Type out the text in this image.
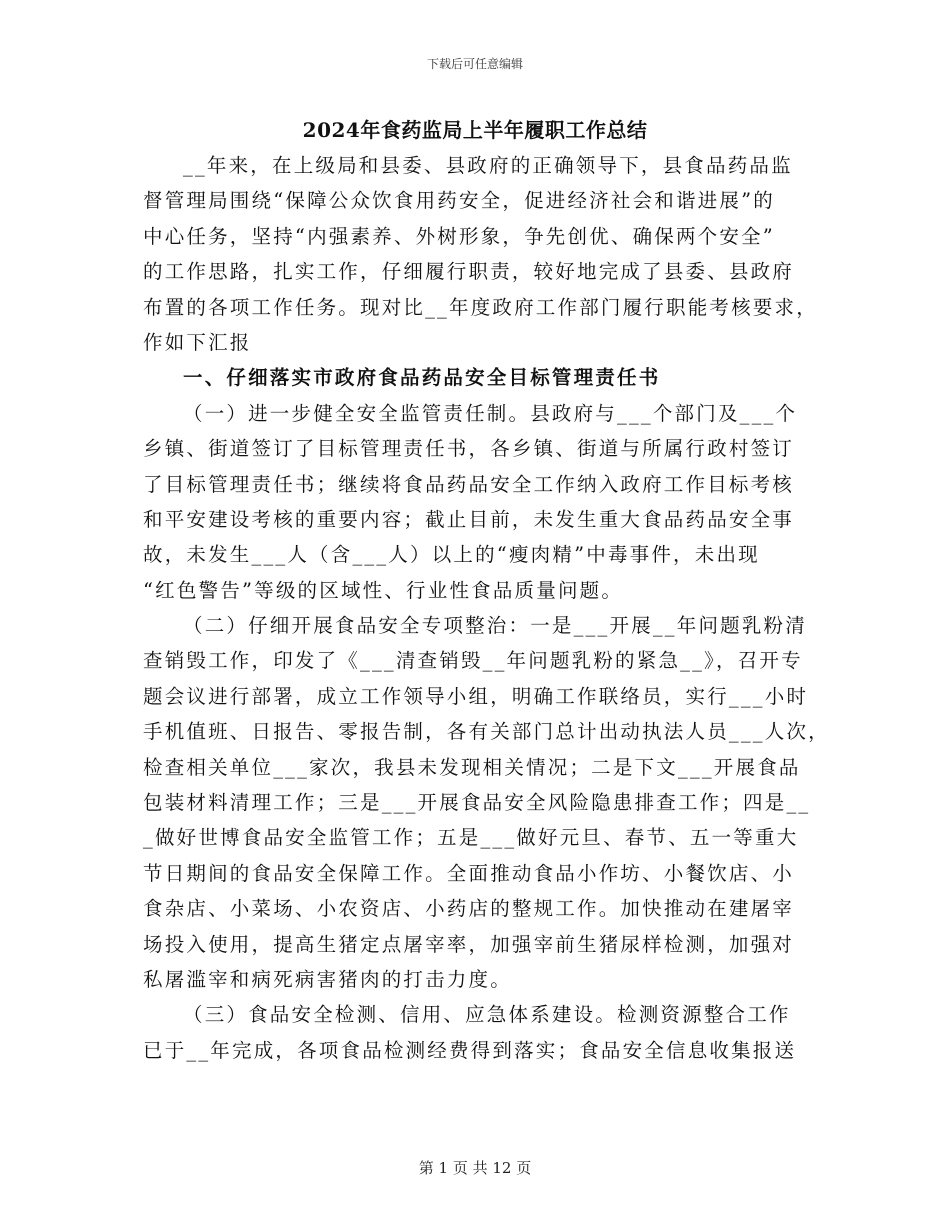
下载后可任意编辑
2024年食药监局上半年履职工作总结
__年来，在上级局和县委、县政府的正确领导下，县食品药品监
督管理局围绕“保障公众饮食用药安全，促进经济社会和谐进展”的
中心任务，坚持“内强素养、外树形象，争先创优、确保两个安全”
的工作思路，扎实工作，仔细履行职责，较好地完成了县委、县政府
布置的各项工作任务。现对比__年度政府工作部门履行职能考核要求，
作如下汇报
一、仔细落实市政府食品药品安全目标管理责任书
（一）进一步健全安全监管责任制。县政府与___个部门及___个
乡镇、街道签订了目标管理责任书，各乡镇、街道与所属行政村签订
了目标管理责任书；继续将食品药品安全工作纳入政府工作目标考核
和平安建设考核的重要内容；截止目前，未发生重大食品药品安全事
故，未发生___人（含___人）以上的“瘦肉精”中毒事件，未出现
“红色警告”等级的区域性、行业性食品质量问题。
（二）仔细开展食品安全专项整治：一是___开展__年问题乳粉清
查销毁工作，印发了《___清查销毁__年问题乳粉的紧急__》，召开专
题会议进行部署，成立工作领导小组，明确工作联络员，实行___小时
手机值班、日报告、零报告制，各有关部门总计出动执法人员___人次，
检查相关单位___家次，我县未发现相关情况；二是下文___开展食品
包装材料清理工作；三是___开展食品安全风险隐患排查工作；四是__
_做好世博食品安全监管工作；五是___做好元旦、春节、五一等重大
节日期间的食品安全保障工作。全面推动食品小作坊、小餐饮店、小
食杂店、小菜场、小农资店、小药店的整规工作。加快推动在建屠宰
场投入使用，提高生猪定点屠宰率，加强宰前生猪尿样检测，加强对
私屠滥宰和病死病害猪肉的打击力度。
（三）食品安全检测、信用、应急体系建设。检测资源整合工作
已于__年完成，各项食品检测经费得到落实；食品安全信息收集报送
第 1 页 共 12 页
